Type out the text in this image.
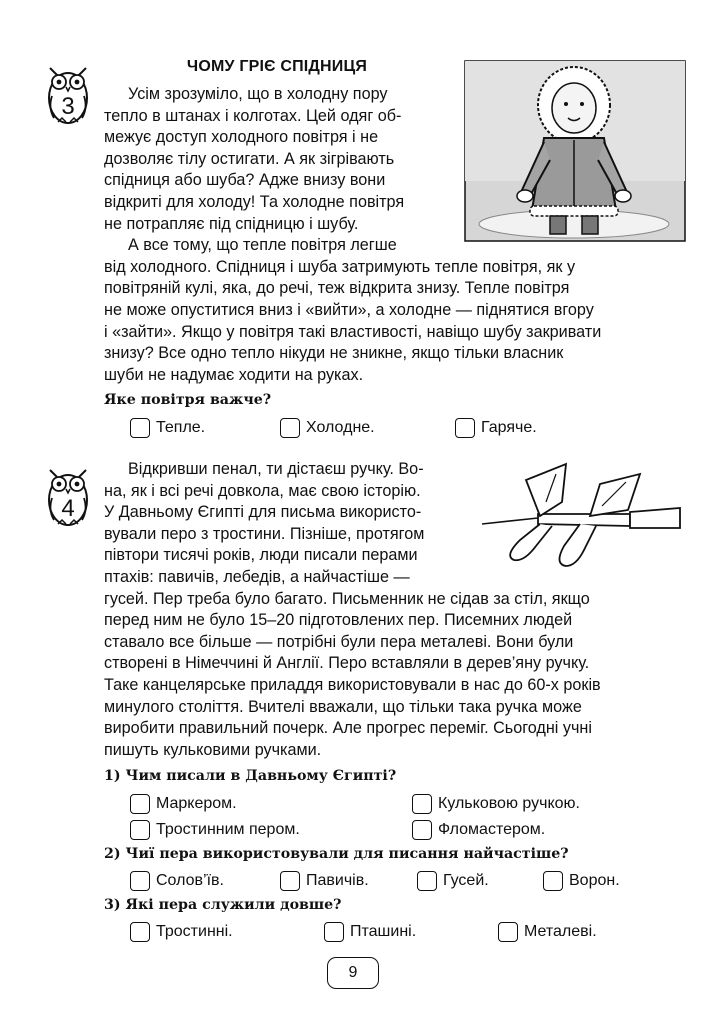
3
ЧОМУ ГРІЄ СПІДНИЦЯ
Усім зрозуміло, що в холодну пору
тепло в штанах і колготах. Цей одяг об-
межує доступ холодного повітря і не
дозволяє тілу остигати. А як зігрівають
спідниця або шуба? Адже внизу вони
відкриті для холоду! Та холодне повітря
не потрапляє під спідницю і шубу.
А все тому, що тепле повітря легше
від холодного. Спідниця і шуба затримують тепле повітря, як у
повітряній кулі, яка, до речі, теж відкрита знизу. Тепле повітря
не може опуститися вниз і «вийти», а холодне — піднятися вгору
і «зайти». Якщо у повітря такі властивості, навіщо шубу закривати
знизу? Все одно тепло нікуди не зникне, якщо тільки власник
шуби не надумає ходити на руках.
Яке повітря важче?
Тепле.	Холодне.	Гаряче.
4
Відкривши пенал, ти дістаєш ручку. Во-
на, як і всі речі довкола, має свою історію.
У Давньому Єгипті для письма використо-
вували перо з тростини. Пізніше, протягом
півтори тисячі років, люди писали перами
птахів: павичів, лебедів, а найчастіше —
гусей. Пер треба було багато. Письменник не сідав за стіл, якщо
перед ним не було 15–20 підготовлених пер. Писемних людей
ставало все більше — потрібні були пера металеві. Вони були
створені в Німеччині й Англії. Перо вставляли в дерев’яну ручку.
Таке канцелярське приладдя використовували в нас до 60-х років
минулого століття. Вчителі вважали, що тільки така ручка може
виробити правильний почерк. Але прогрес переміг. Сьогодні учні
пишуть кульковими ручками.
1) Чим писали в Давньому Єгипті?
Маркером.	Кульковою ручкою.
Тростинним пером.	Фломастером.
2) Чиї пера використовували для писання найчастіше?
Солов’їв.	Павичів.	Гусей.	Ворон.
3) Які пера служили довше?
Тростинні.	Пташині.	Металеві.
9
